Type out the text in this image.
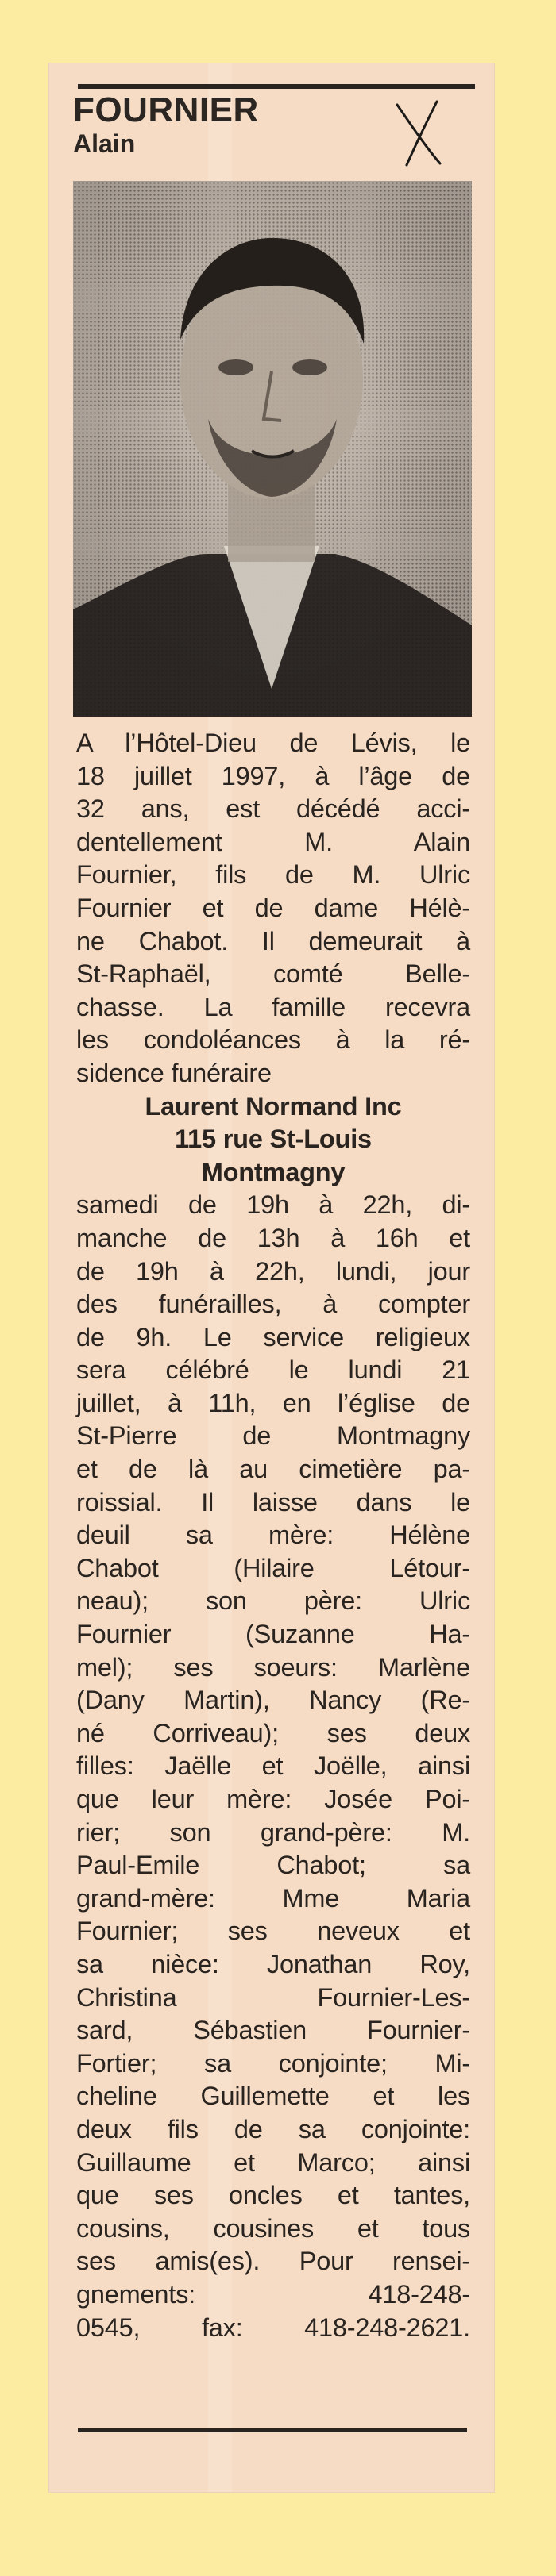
FOURNIER
Alain
A l’Hôtel-Dieu de Lévis, le
18 juillet 1997, à l’âge de
32 ans, est décédé acci-
dentellement M. Alain
Fournier, fils de M. Ulric
Fournier et de dame Hélè-
ne Chabot. Il demeurait à
St-Raphaël, comté Belle-
chasse. La famille recevra
les condoléances à la ré-
sidence funéraire
Laurent Normand Inc
115 rue St-Louis
Montmagny
samedi de 19h à 22h, di-
manche de 13h à 16h et
de 19h à 22h, lundi, jour
des funérailles, à compter
de 9h. Le service religieux
sera célébré le lundi 21
juillet, à 11h, en l’église de
St-Pierre de Montmagny
et de là au cimetière pa-
roissial. Il laisse dans le
deuil sa mère: Hélène
Chabot (Hilaire Létour-
neau); son père: Ulric
Fournier (Suzanne Ha-
mel); ses soeurs: Marlène
(Dany Martin), Nancy (Re-
né Corriveau); ses deux
filles: Jaëlle et Joëlle, ainsi
que leur mère: Josée Poi-
rier; son grand-père: M.
Paul-Emile Chabot; sa
grand-mère: Mme Maria
Fournier; ses neveux et
sa nièce: Jonathan Roy,
Christina Fournier-Les-
sard, Sébastien Fournier-
Fortier; sa conjointe; Mi-
cheline Guillemette et les
deux fils de sa conjointe:
Guillaume et Marco; ainsi
que ses oncles et tantes,
cousins, cousines et tous
ses amis(es). Pour rensei-
gnements: 418-248-
0545, fax: 418-248-2621.
